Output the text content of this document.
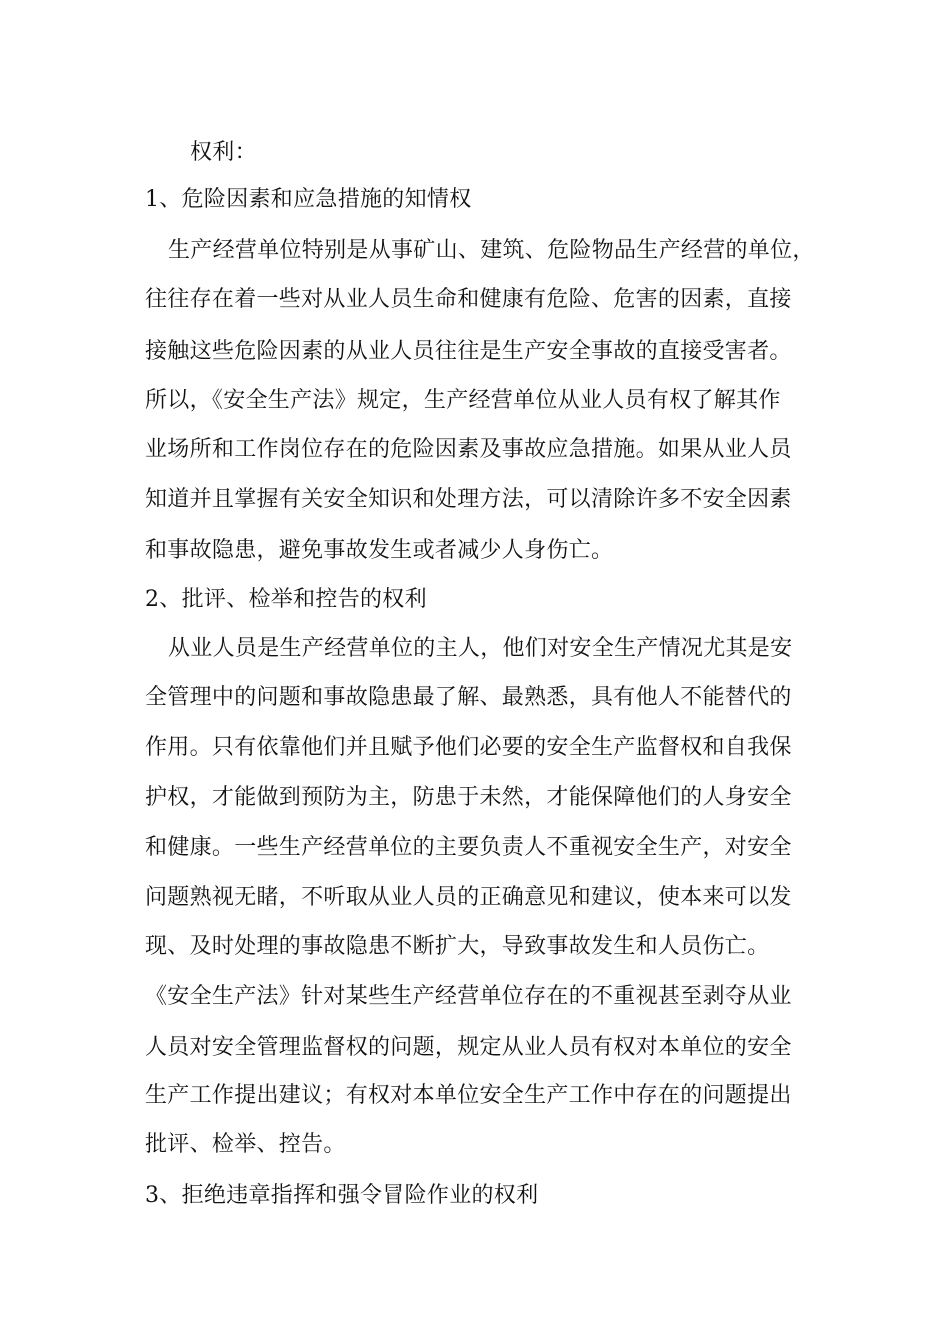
权利：
1、危险因素和应急措施的知情权
生产经营单位特别是从事矿山、建筑、危险物品生产经营的单位，
往往存在着一些对从业人员生命和健康有危险、危害的因素，直接
接触这些危险因素的从业人员往往是生产安全事故的直接受害者。
所以，《安全生产法》规定，生产经营单位从业人员有权了解其作
业场所和工作岗位存在的危险因素及事故应急措施。如果从业人员
知道并且掌握有关安全知识和处理方法，可以清除许多不安全因素
和事故隐患，避免事故发生或者减少人身伤亡。
2、批评、检举和控告的权利
从业人员是生产经营单位的主人，他们对安全生产情况尤其是安
全管理中的问题和事故隐患最了解、最熟悉，具有他人不能替代的
作用。只有依靠他们并且赋予他们必要的安全生产监督权和自我保
护权，才能做到预防为主，防患于未然，才能保障他们的人身安全
和健康。一些生产经营单位的主要负责人不重视安全生产，对安全
问题熟视无睹，不听取从业人员的正确意见和建议，使本来可以发
现、及时处理的事故隐患不断扩大，导致事故发生和人员伤亡。
《安全生产法》针对某些生产经营单位存在的不重视甚至剥夺从业
人员对安全管理监督权的问题，规定从业人员有权对本单位的安全
生产工作提出建议；有权对本单位安全生产工作中存在的问题提出
批评、检举、控告。
3、拒绝违章指挥和强令冒险作业的权利
